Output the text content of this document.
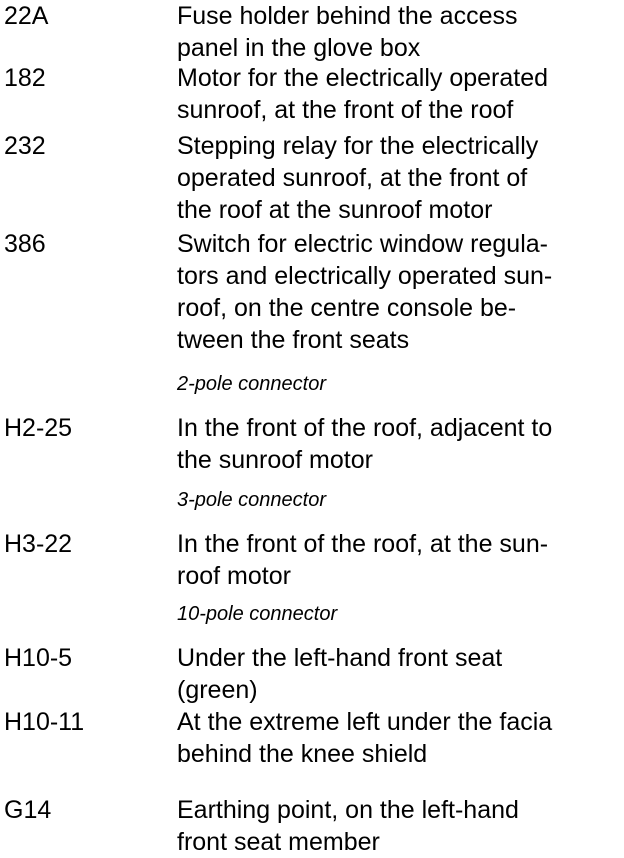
22A	Fuse holder behind the access
panel in the glove box
182	Motor for the electrically operated
sunroof, at the front of the roof
232	Stepping relay for the electrically
operated sunroof, at the front of
the roof at the sunroof motor
386	Switch for electric window regula-
tors and electrically operated sun-
roof, on the centre console be-
tween the front seats
2-pole connector
H2-25	In the front of the roof, adjacent to
the sunroof motor
3-pole connector
H3-22	In the front of the roof, at the sun-
roof motor
10-pole connector
H10-5	Under the left-hand front seat
(green)
H10-11	At the extreme left under the facia
behind the knee shield
G14	Earthing point, on the left-hand
front seat member
